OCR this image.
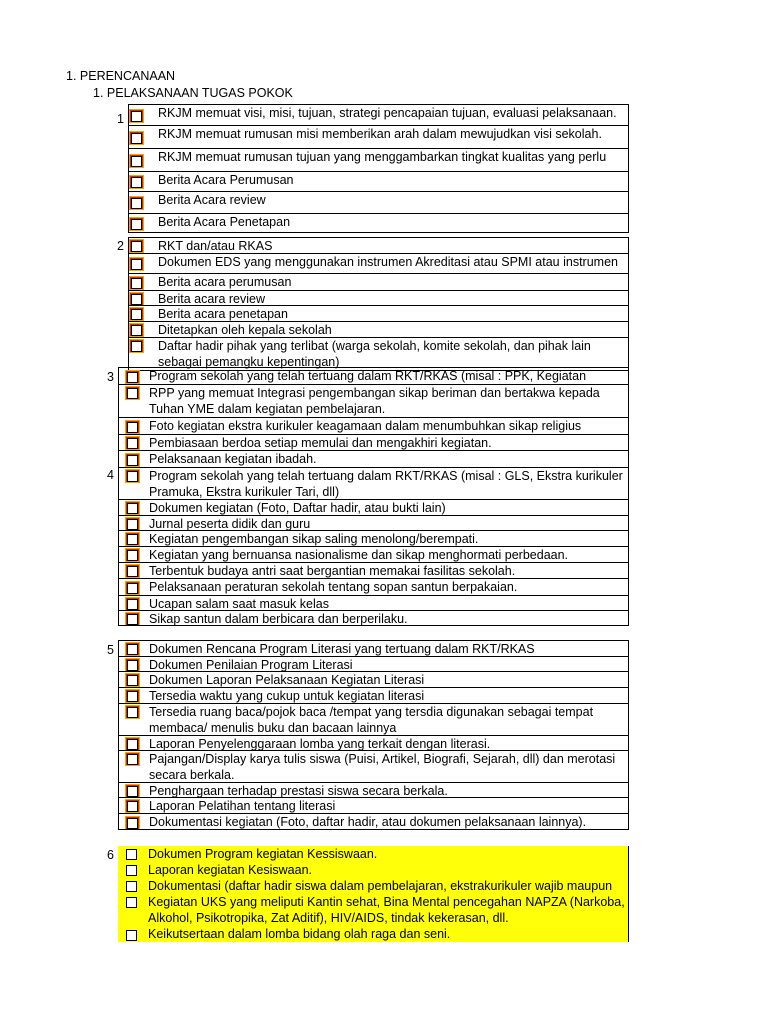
1. PERENCANAAN
1. PELAKSANAAN TUGAS POKOK
1	RKJM memuat visi, misi, tujuan, strategi pencapaian tujuan, evaluasi pelaksanaan.
RKJM memuat rumusan misi memberikan arah dalam mewujudkan visi sekolah.
RKJM memuat rumusan tujuan yang menggambarkan tingkat kualitas yang perlu
Berita Acara Perumusan
Berita Acara review
Berita Acara Penetapan
2	RKT dan/atau RKAS
Dokumen EDS yang menggunakan instrumen Akreditasi atau SPMI atau instrumen
Berita acara perumusan
Berita acara review
Berita acara penetapan
Ditetapkan oleh kepala sekolah
Daftar hadir pihak yang terlibat (warga sekolah, komite sekolah, dan pihak lain sebagai pemangku kepentingan)
3	Program sekolah yang telah tertuang dalam RKT/RKAS (misal : PPK, Kegiatan
RPP yang memuat Integrasi pengembangan sikap beriman dan bertakwa kepada Tuhan YME dalam kegiatan pembelajaran.
Foto kegiatan ekstra kurikuler keagamaan dalam menumbuhkan sikap religius
Pembiasaan berdoa setiap memulai dan mengakhiri kegiatan.
Pelaksanaan kegiatan ibadah.
4	Program sekolah yang telah tertuang dalam RKT/RKAS (misal : GLS, Ekstra kurikuler Pramuka, Ekstra kurikuler Tari, dll)
Dokumen kegiatan (Foto, Daftar hadir, atau bukti lain)
Jurnal peserta didik dan guru
Kegiatan pengembangan sikap saling menolong/berempati.
Kegiatan yang bernuansa nasionalisme dan sikap menghormati perbedaan.
Terbentuk budaya antri saat bergantian memakai fasilitas sekolah.
Pelaksanaan peraturan sekolah tentang sopan santun berpakaian.
Ucapan salam saat masuk kelas
Sikap santun dalam berbicara dan berperilaku.
5	Dokumen Rencana Program Literasi yang tertuang dalam RKT/RKAS
Dokumen Penilaian Program Literasi
Dokumen Laporan Pelaksanaan Kegiatan Literasi
Tersedia waktu yang cukup untuk kegiatan literasi
Tersedia ruang baca/pojok baca /tempat yang tersdia digunakan sebagai tempat membaca/ menulis buku dan bacaan lainnya
Laporan Penyelenggaraan lomba yang terkait dengan literasi.
Pajangan/Display karya tulis siswa (Puisi, Artikel, Biografi, Sejarah, dll) dan merotasi secara berkala.
Penghargaan terhadap prestasi siswa secara berkala.
Laporan Pelatihan tentang literasi
Dokumentasi kegiatan (Foto, daftar hadir, atau dokumen pelaksanaan lainnya).
6	Dokumen Program kegiatan Kessiswaan.
Laporan kegiatan Kesiswaan.
Dokumentasi (daftar hadir siswa dalam pembelajaran, ekstrakurikuler wajib maupun
Kegiatan UKS yang meliputi Kantin sehat, Bina Mental pencegahan NAPZA (Narkoba, Alkohol, Psikotropika, Zat Aditif), HIV/AIDS, tindak kekerasan, dll.
Keikutsertaan dalam lomba bidang olah raga dan seni.
